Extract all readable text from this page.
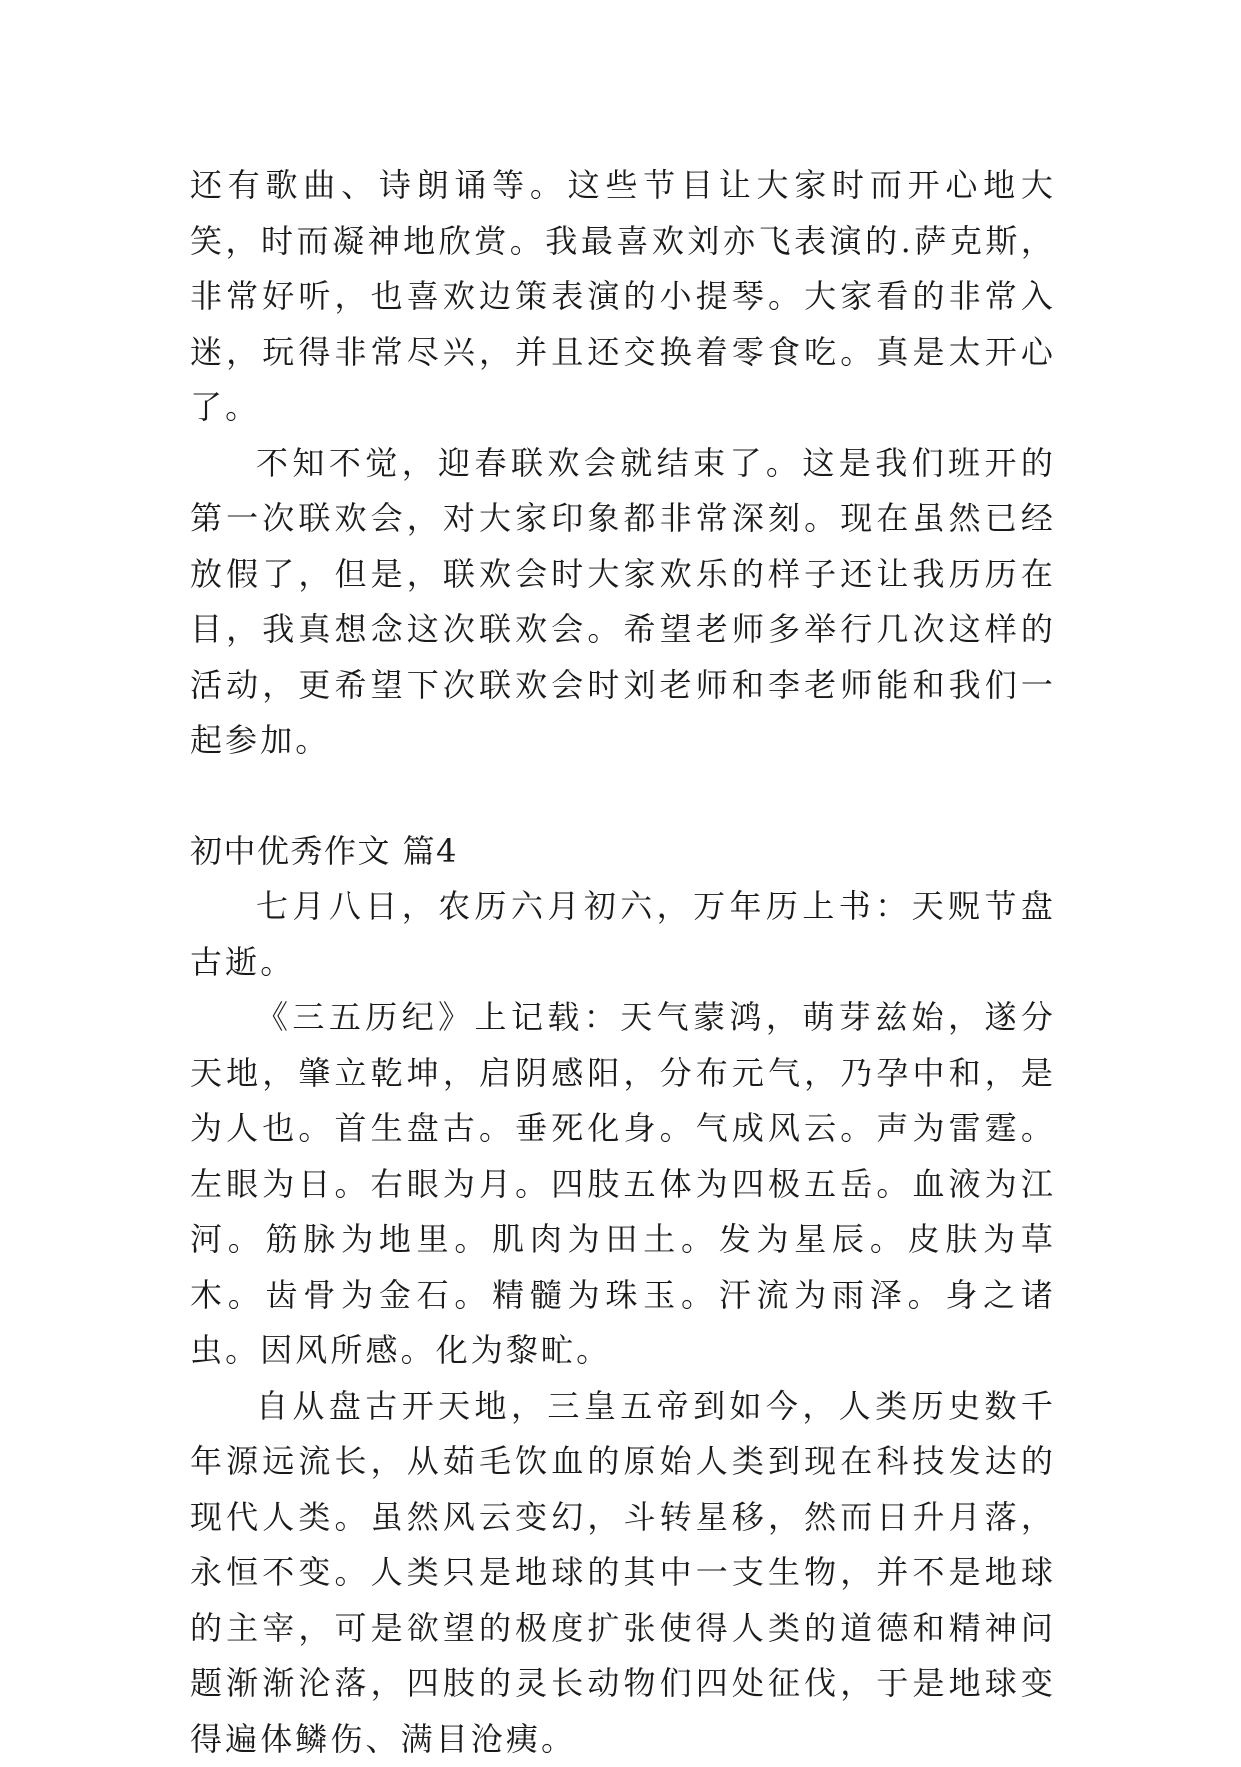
还有歌曲、诗朗诵等。这些节目让大家时而开心地大笑，时而凝神地欣赏。我最喜欢刘亦飞表演的.萨克斯，非常好听，也喜欢边策表演的小提琴。大家看的非常入迷，玩得非常尽兴，并且还交换着零食吃。真是太开心了。

不知不觉，迎春联欢会就结束了。这是我们班开的第一次联欢会，对大家印象都非常深刻。现在虽然已经放假了，但是，联欢会时大家欢乐的样子还让我历历在目，我真想念这次联欢会。希望老师多举行几次这样的活动，更希望下次联欢会时刘老师和李老师能和我们一起参加。

初中优秀作文 篇4

七月八日，农历六月初六，万年历上书：天贶节盘古逝。

《三五历纪》上记载：天气蒙鸿，萌芽兹始，遂分天地，肇立乾坤，启阴感阳，分布元气，乃孕中和，是为人也。首生盘古。垂死化身。气成风云。声为雷霆。左眼为日。右眼为月。四肢五体为四极五岳。血液为江河。筋脉为地里。肌肉为田土。发为星辰。皮肤为草木。齿骨为金石。精髓为珠玉。汗流为雨泽。身之诸虫。因风所感。化为黎甿。

自从盘古开天地，三皇五帝到如今，人类历史数千年源远流长，从茹毛饮血的原始人类到现在科技发达的现代人类。虽然风云变幻，斗转星移，然而日升月落，永恒不变。人类只是地球的其中一支生物，并不是地球的主宰，可是欲望的极度扩张使得人类的道德和精神问题渐渐沦落，四肢的灵长动物们四处征伐，于是地球变得遍体鳞伤、满目沧痍。
